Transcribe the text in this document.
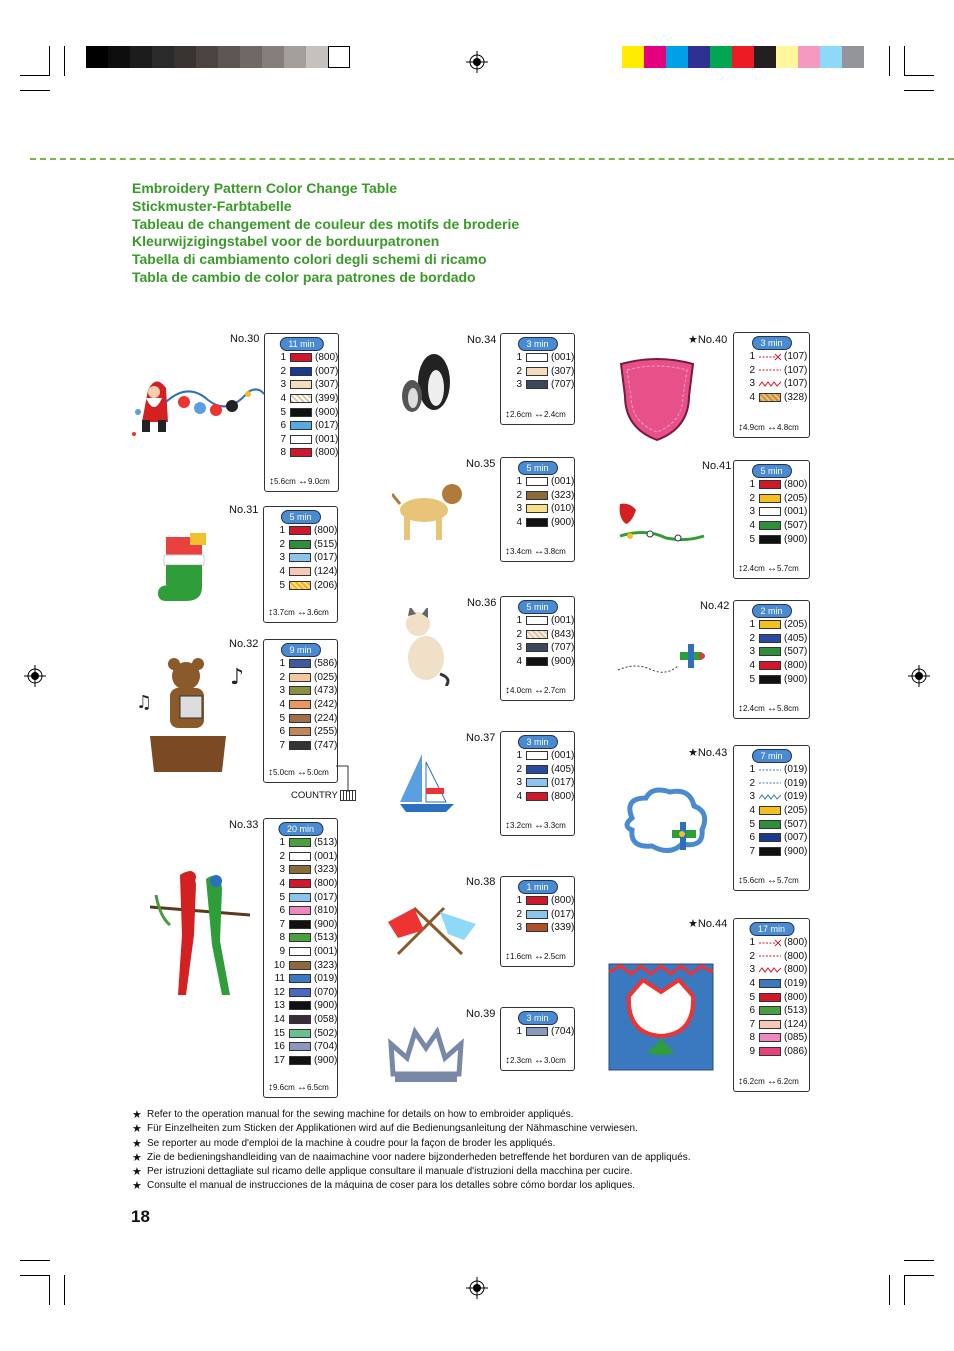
Embroidery Pattern Color Change Table
Stickmuster-Farbtabelle
Tableau de changement de couleur des motifs de broderie
Kleurwijzigingstabel voor de borduurpatronen
Tabella di cambiamento colori degli schemi di ricamo
Tabla de cambio de color para patrones de bordado
No.30	11 min
1	(800)
2	(007)
3	(307)
4	(399)
5	(900)
6	(017)
7	(001)
8	(800)
↕5.6cm ↔9.0cm
No.31
5 min
1	(800)
2	(515)
3	(017)
4	(124)
5	(206)
↕3.7cm ↔3.6cm
No.32	9 min
1	(586)
2	(025)
3	(473)
4	(242)
5	(224)
6	(255)
7	(747)
↕5.0cm ↔5.0cm
No.33	20 min
1	(513)
2	(001)
3	(323)
4	(800)
5	(017)
6	(810)
7	(900)
8	(513)
9	(001)
10	(323)
11	(019)
12	(070)
13	(900)
14	(058)
15	(502)
16	(704)
17	(900)
↕9.6cm ↔6.5cm
No.34	3 min
1	(001)
2	(307)
3	(707)
↕2.6cm ↔2.4cm
No.35	5 min
1	(001)
2	(323)
3	(010)
4	(900)
↕3.4cm ↔3.8cm
No.36	5 min
1	(001)
2	(843)
3	(707)
4	(900)
↕4.0cm ↔2.7cm
No.37	3 min
1	(001)
2	(405)
3	(017)
4	(800)
↕3.2cm ↔3.3cm
No.38	1 min
1	(800)
2	(017)
3	(339)
↕1.6cm ↔2.5cm
No.39	3 min
1	(704)
↕2.3cm ↔3.0cm
★No.40	3 min
1	(107)
2	(107)
3	(107)
4	(328)
↕4.9cm ↔4.8cm
No.41	5 min
1	(800)
2	(205)
3	(001)
4	(507)
5	(900)
↕2.4cm ↔5.7cm
No.42	2 min
1	(205)
2	(405)
3	(507)
4	(800)
5	(900)
↕2.4cm ↔5.8cm
★No.43	7 min
1	(019)
2	(019)
3	(019)
4	(205)
5	(507)
6	(007)
7	(900)
↕5.6cm ↔5.7cm
★No.44	17 min
1	(800)
2	(800)
3	(800)
4	(019)
5	(800)
6	(513)
7	(124)
8	(085)
9	(086)
↕6.2cm ↔6.2cm
♪
♫
COUNTRY
★ Refer to the operation manual for the sewing machine for details on how to embroider appliqués.
★ Für Einzelheiten zum Sticken der Applikationen wird auf die Bedienungsanleitung der Nähmaschine verwiesen.
★ Se reporter au mode d'emploi de la machine à coudre pour la façon de broder les appliqués.
★ Zie de bedieningshandleiding van de naaimachine voor nadere bijzonderheden betreffende het borduren van de appliqués.
★ Per istruzioni dettagliate sul ricamo delle applique consultare il manuale d'istruzioni della macchina per cucire.
★ Consulte el manual de instrucciones de la máquina de coser para los detalles sobre cómo bordar los apliques.
18
